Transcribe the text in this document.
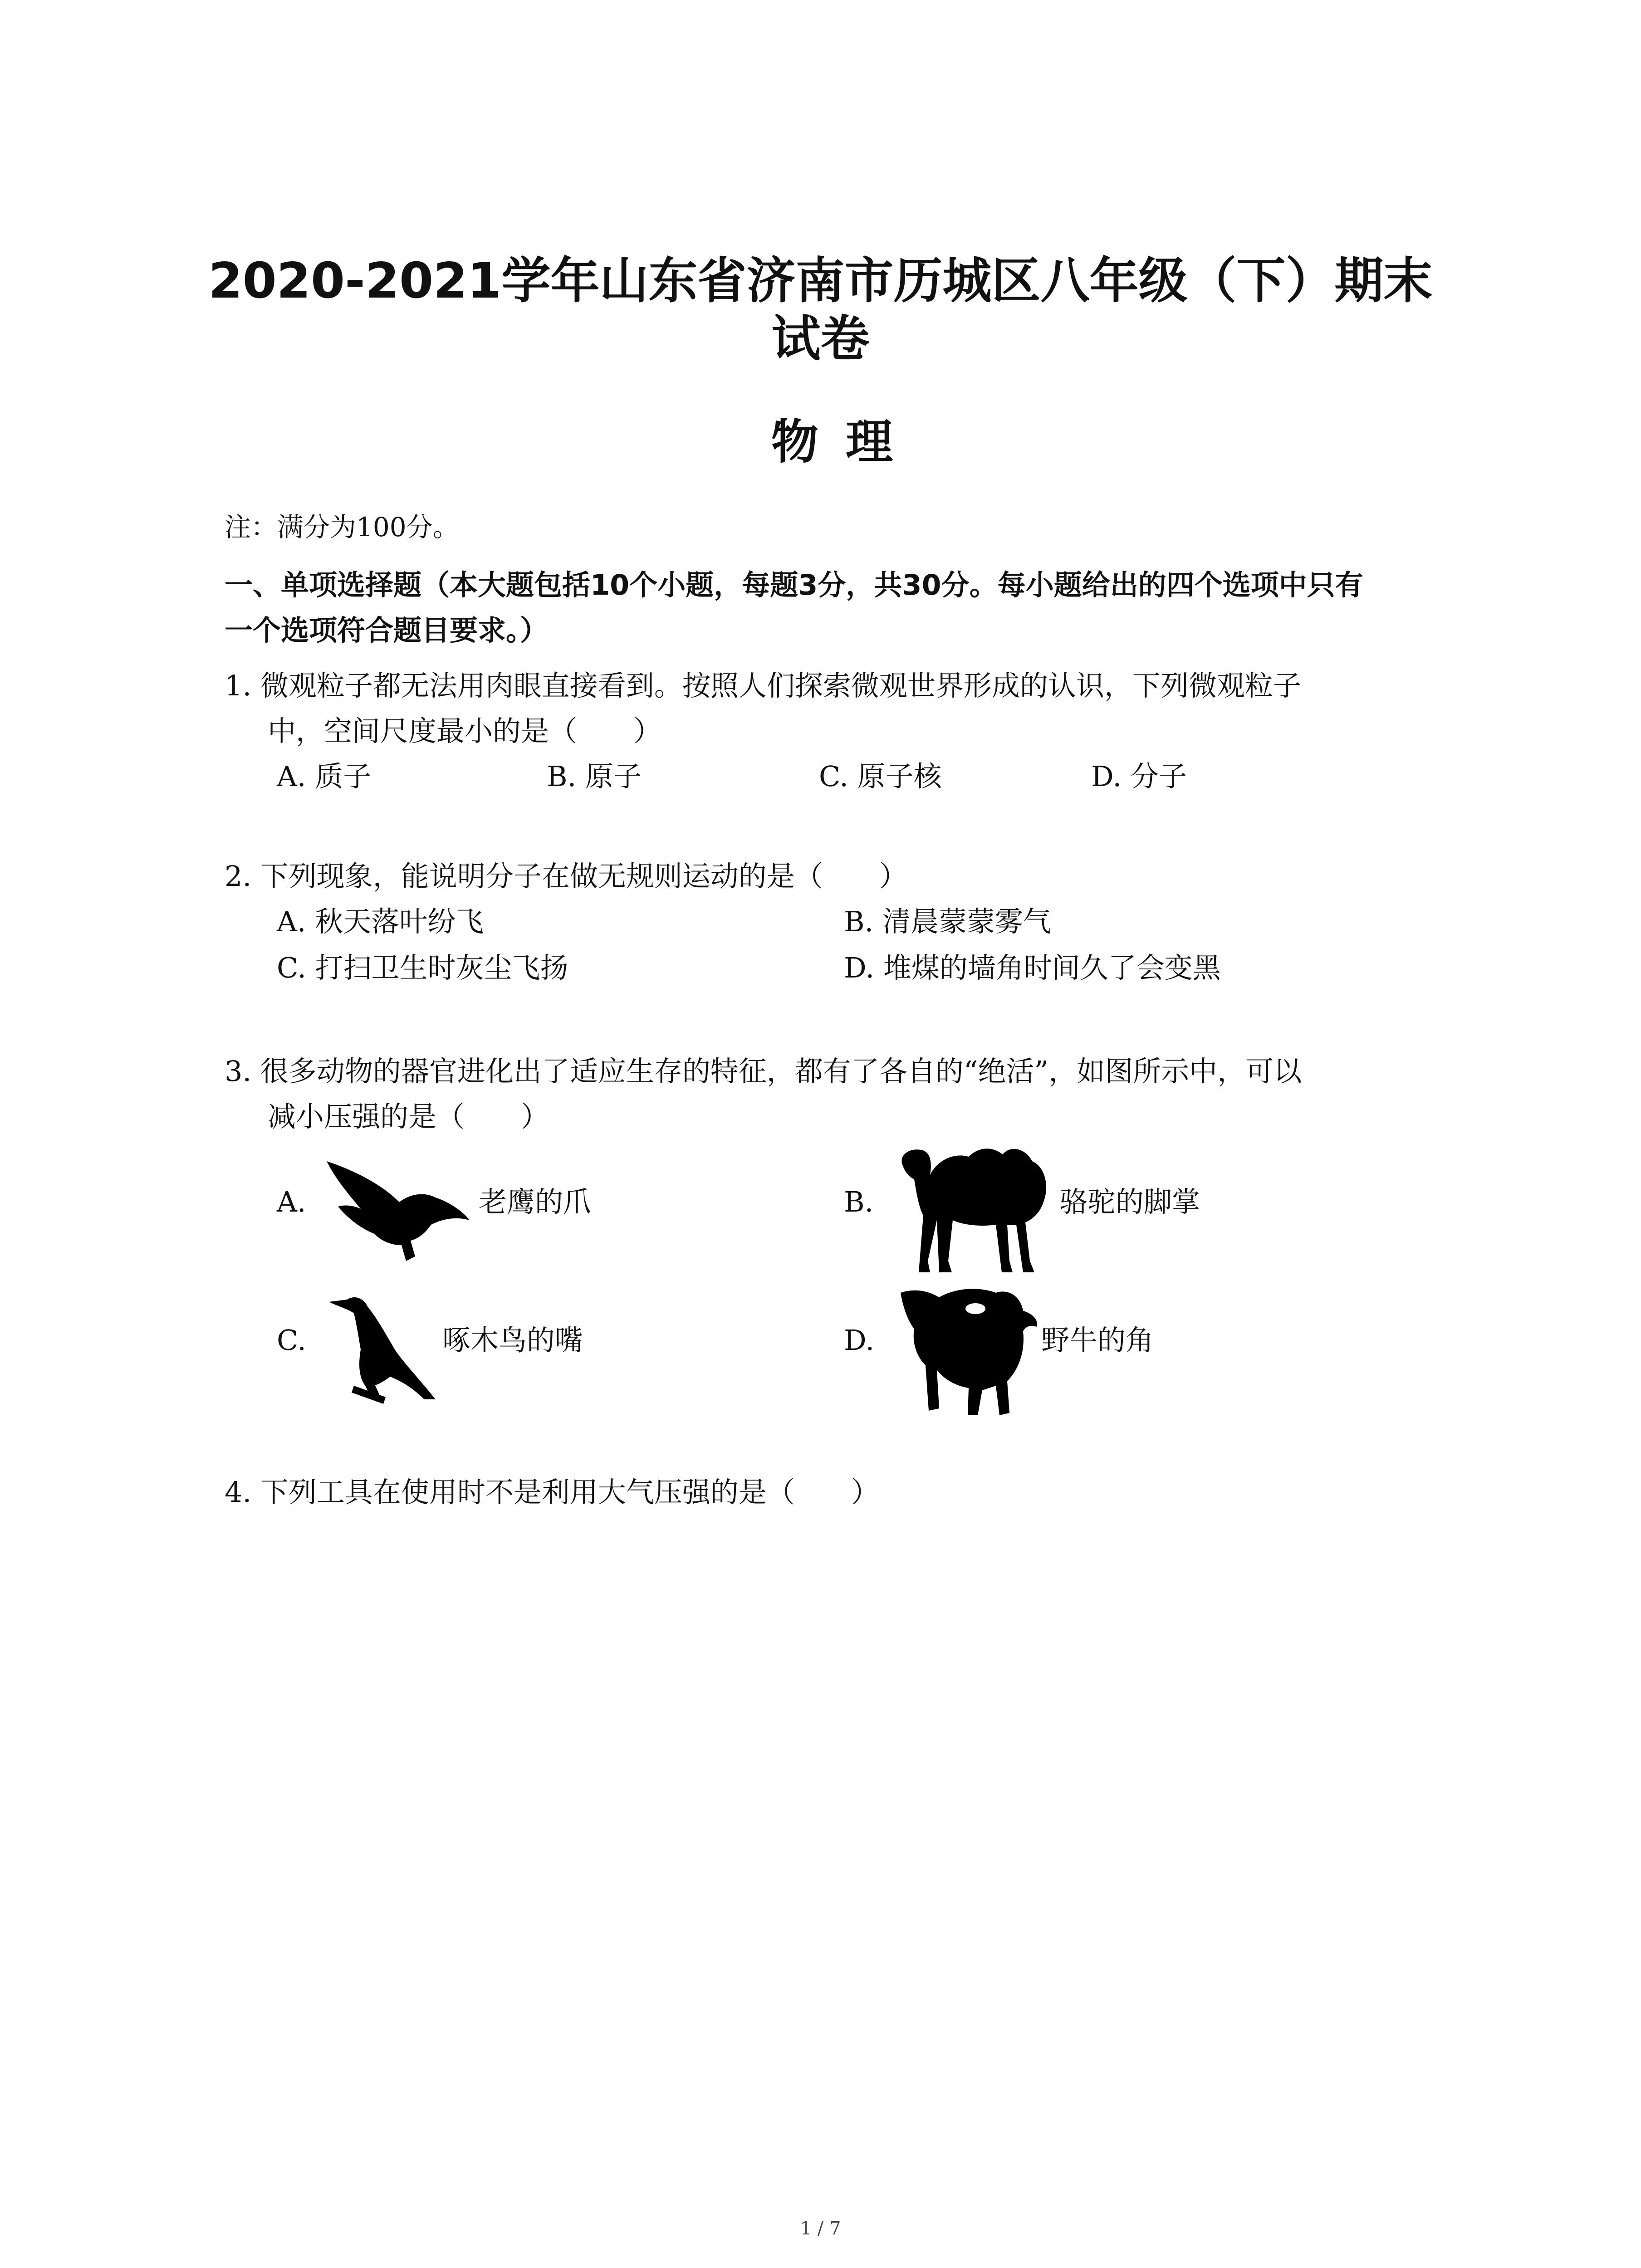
2020-2021学年山东省济南市历城区八年级（下）期末
试卷
物理
注：满分为100分。
一、单项选择题（本大题包括10个小题，每题3分，共30分。每小题给出的四个选项中只有
一个选项符合题目要求。）
1. 微观粒子都无法用肉眼直接看到。按照人们探索微观世界形成的认识，下列微观粒子
中，空间尺度最小的是（　　）
A. 质子	B. 原子	C. 原子核	D. 分子
2. 下列现象，能说明分子在做无规则运动的是（　　）
A. 秋天落叶纷飞	B. 清晨蒙蒙雾气
C. 打扫卫生时灰尘飞扬	D. 堆煤的墙角时间久了会变黑
3. 很多动物的器官进化出了适应生存的特征，都有了各自的“绝活”，如图所示中，可以
减小压强的是（　　）
A.	老鹰的爪	B.	骆驼的脚掌
C.	啄木鸟的嘴	D.	野牛的角
4. 下列工具在使用时不是利用大气压强的是（　　）
1 / 7
